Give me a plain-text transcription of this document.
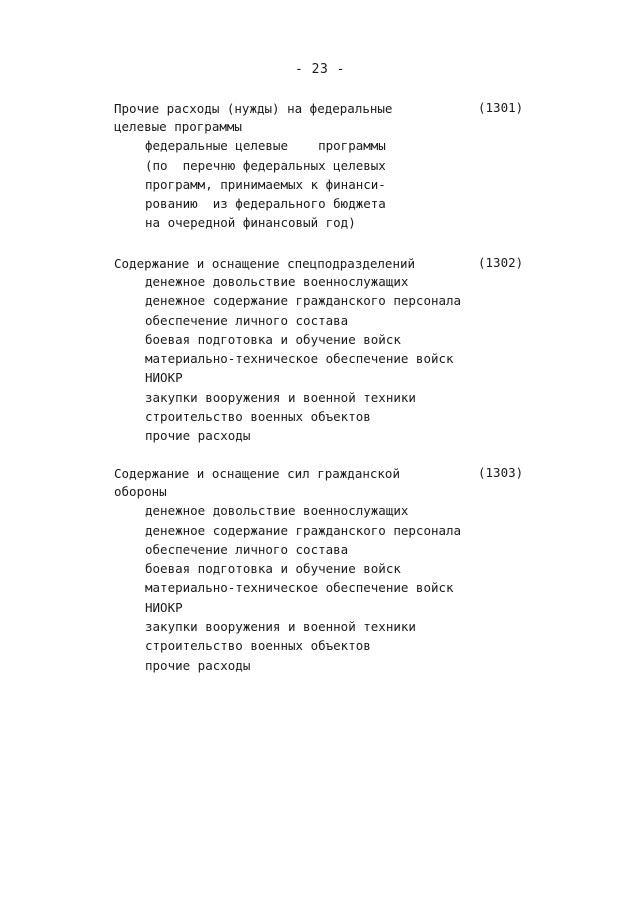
- 23 -
Прочие расходы (нужды) на федеральные	(1301)
целевые программы
федеральные целевые    программы
(по  перечню федеральных целевых
программ, принимаемых к финанси-
рованию  из федерального бюджета
на очередной финансовый год)
Содержание и оснащение спецподразделений	(1302)
денежное довольствие военнослужащих
денежное содержание гражданского персонала
обеспечение личного состава
боевая подготовка и обучение войск
материально-техническое обеспечение войск
НИОКР
закупки вооружения и военной техники
строительство военных объектов
прочие расходы
Содержание и оснащение сил гражданской	(1303)
обороны
денежное довольствие военнослужащих
денежное содержание гражданского персонала
обеспечение личного состава
боевая подготовка и обучение войск
материально-техническое обеспечение войск
НИОКР
закупки вооружения и военной техники
строительство военных объектов
прочие расходы
